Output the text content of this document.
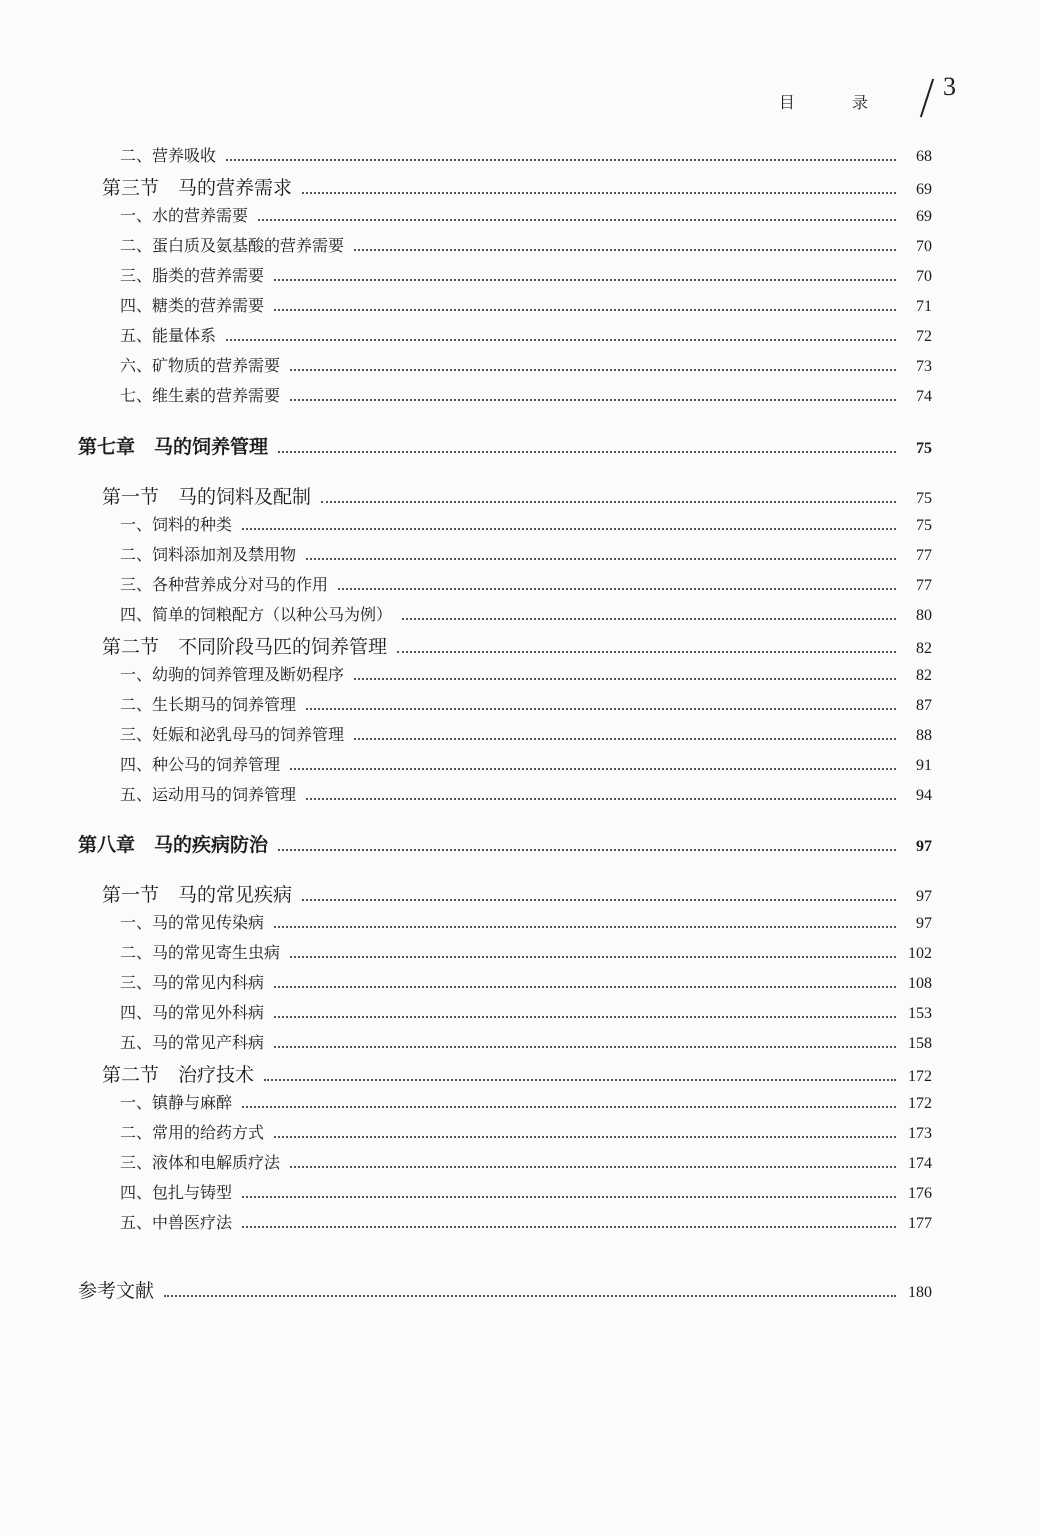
目 录
3
二、营养吸收	68
第三节　马的营养需求	69
一、水的营养需要	69
二、蛋白质及氨基酸的营养需要	70
三、脂类的营养需要	70
四、糖类的营养需要	71
五、能量体系	72
六、矿物质的营养需要	73
七、维生素的营养需要	74
第七章　马的饲养管理	75
第一节　马的饲料及配制	75
一、饲料的种类	75
二、饲料添加剂及禁用物	77
三、各种营养成分对马的作用	77
四、简单的饲粮配方（以种公马为例）	80
第二节　不同阶段马匹的饲养管理	82
一、幼驹的饲养管理及断奶程序	82
二、生长期马的饲养管理	87
三、妊娠和泌乳母马的饲养管理	88
四、种公马的饲养管理	91
五、运动用马的饲养管理	94
第八章　马的疾病防治	97
第一节　马的常见疾病	97
一、马的常见传染病	97
二、马的常见寄生虫病	102
三、马的常见内科病	108
四、马的常见外科病	153
五、马的常见产科病	158
第二节　治疗技术	172
一、镇静与麻醉	172
二、常用的给药方式	173
三、液体和电解质疗法	174
四、包扎与铸型	176
五、中兽医疗法	177
参考文献	180
